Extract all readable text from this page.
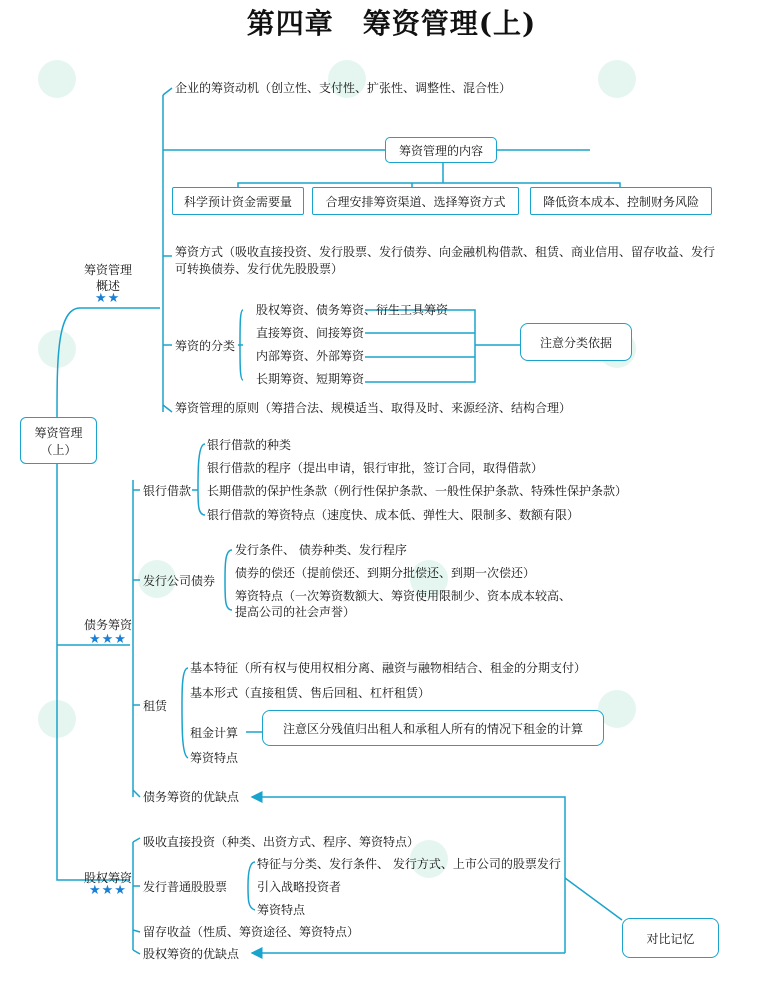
第四章　筹资管理(上)
筹资管理
（上）
筹资管理
概述
★★
企业的筹资动机（创立性、支付性、扩张性、调整性、混合性）
筹资管理的内容
科学预计资金需要量	合理安排筹资渠道、选择筹资方式	降低资本成本、控制财务风险
筹资方式（吸收直接投资、发行股票、发行债券、向金融机构借款、租赁、商业信用、留存收益、发行
可转换债券、发行优先股股票）
筹资的分类
股权筹资、债务筹资、衍生工具筹资
直接筹资、间接筹资
内部筹资、外部筹资
长期筹资、短期筹资
注意分类依据
筹资管理的原则（筹措合法、规模适当、取得及时、来源经济、结构合理）
债务筹资
★★★
银行借款
银行借款的种类
银行借款的程序（提出申请，银行审批，签订合同，取得借款）
长期借款的保护性条款（例行性保护条款、一般性保护条款、特殊性保护条款）
银行借款的筹资特点（速度快、成本低、弹性大、限制多、数额有限）
发行公司债券
发行条件、 债券种类、发行程序
债券的偿还（提前偿还、到期分批偿还、到期一次偿还）
筹资特点（一次筹资数额大、筹资使用限制少、资本成本较高、
提高公司的社会声誉）
租赁
基本特征（所有权与使用权相分离、融资与融物相结合、租金的分期支付）
基本形式（直接租赁、售后回租、杠杆租赁）
租金计算
筹资特点
注意区分残值归出租人和承租人所有的情况下租金的计算
债务筹资的优缺点
股权筹资
★★★
吸收直接投资（种类、出资方式、程序、筹资特点）
发行普通股股票
特征与分类、发行条件、 发行方式、上市公司的股票发行
引入战略投资者
筹资特点
留存收益（性质、筹资途径、筹资特点）
股权筹资的优缺点
对比记忆
